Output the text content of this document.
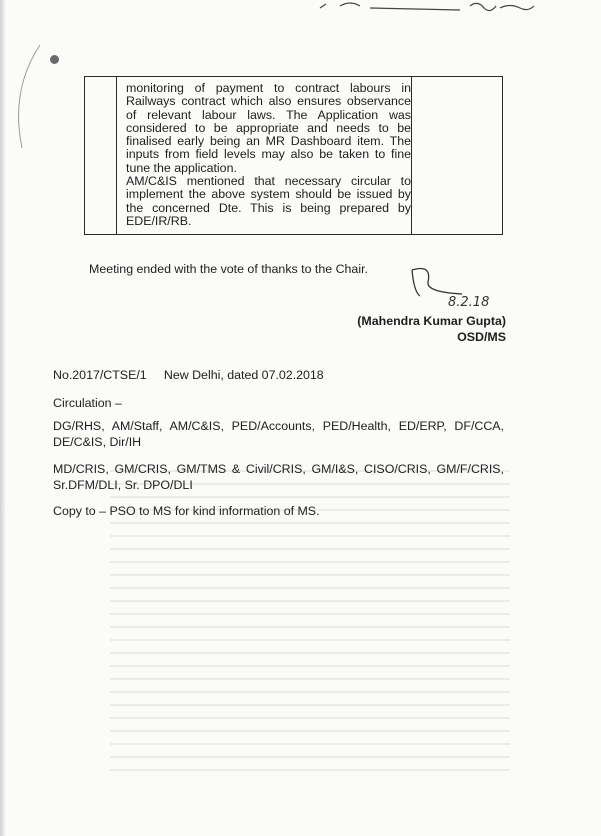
monitoring of payment to contract labours in Railways contract which also ensures observance of relevant labour laws. The Application was considered to be appropriate and needs to be finalised early being an MR Dashboard item. The inputs from field levels may also be taken to fine tune the application.

AM/C&IS mentioned that necessary circular to implement the above system should be issued by the concerned Dte. This is being prepared by EDE/IR/RB.

Meeting ended with the vote of thanks to the Chair.
8.2.18
(Mahendra Kumar Gupta)
OSD/MS
No.2017/CTSE/1     New Delhi, dated 07.02.2018
Circulation –
DG/RHS, AM/Staff, AM/C&IS, PED/Accounts, PED/Health, ED/ERP, DF/CCA,
DE/C&IS, Dir/IH
MD/CRIS, GM/CRIS, GM/TMS & Civil/CRIS, GM/I&S, CISO/CRIS, GM/F/CRIS,
Sr.DFM/DLI, Sr. DPO/DLI
Copy to – PSO to MS for kind information of MS.
